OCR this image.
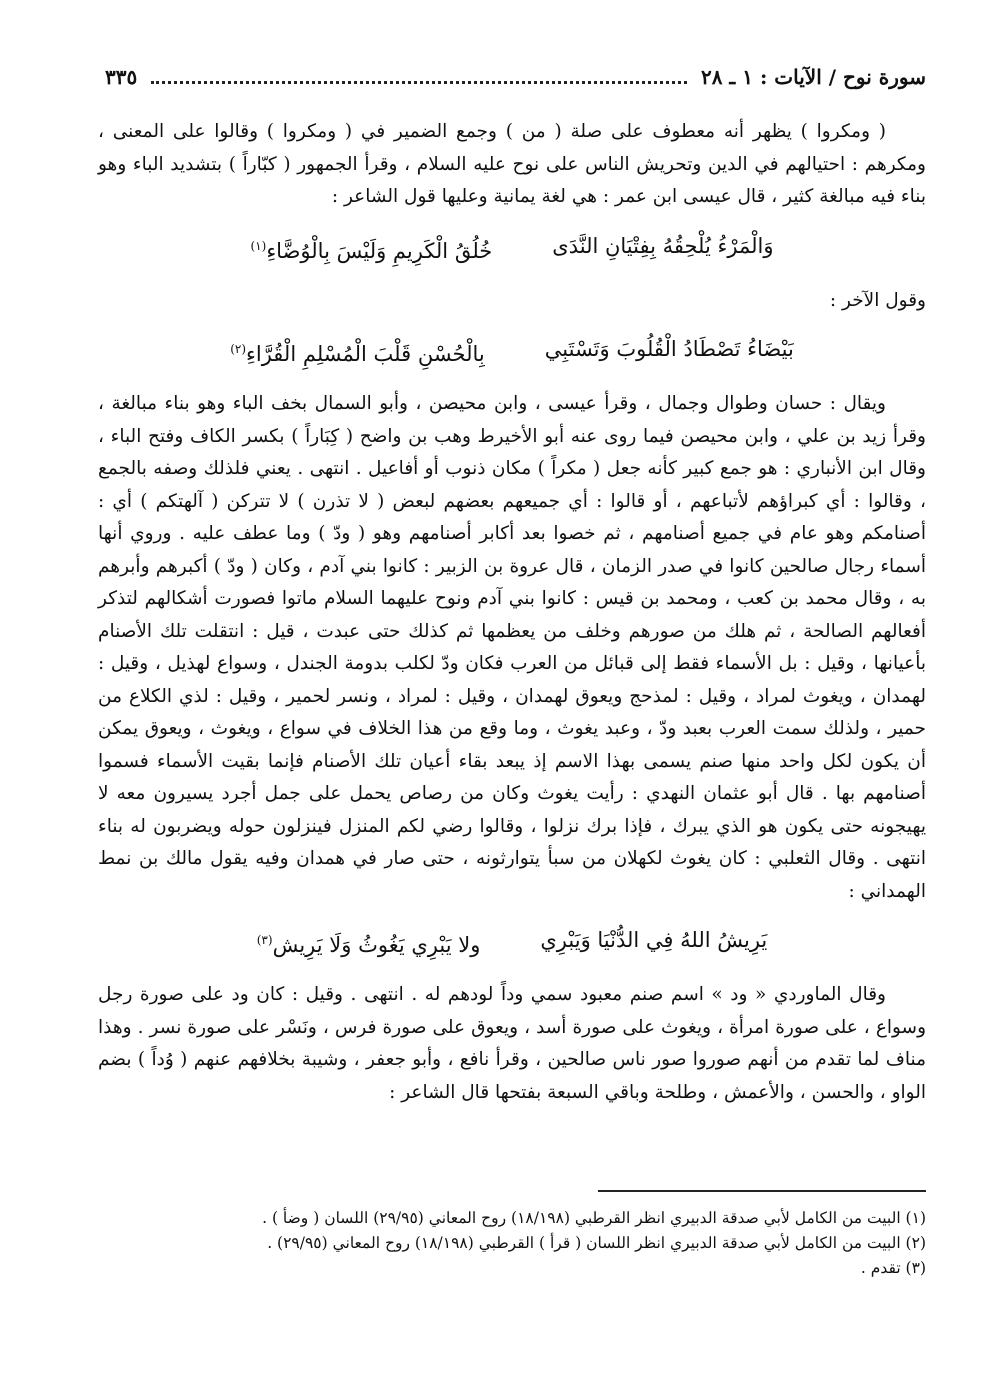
سورة نوح / الآيات : ١ ـ ٢٨
٣٣٥

( ومكروا ) يظهر أنه معطوف على صلة ( من ) وجمع الضمير في ( ومكروا ) وقالوا على المعنى ، ومكرهم : احتيالهم في الدين وتحريش الناس على نوح عليه السلام ، وقرأ الجمهور ( كبّاراً ) بتشديد الباء وهو بناء فيه مبالغة كثير ، قال عيسى ابن عمر : هي لغة يمانية وعليها قول الشاعر :

وَالْمَرْءُ يُلْحِقُهُ بِفِتْيَانِ النَّدَى
خُلُقُ الْكَرِيمِ وَلَيْسَ بِالْوُضَّاءِ$^{(١)}$

وقول الآخر :

بَيْضَاءُ تَصْطَادُ الْقُلُوبَ وَتَسْتَبِي
بِالْحُسْنِ قَلْبَ الْمُسْلِمِ الْقُرَّاءِ$^{(٢)}$

ويقال : حسان وطوال وجمال ، وقرأ عيسى ، وابن محيصن ، وأبو السمال بخف الباء وهو بناء مبالغة ، وقرأ زيد بن علي ، وابن محيصن فيما روى عنه أبو الأخيرط وهب بن واضح ( كِبَاراً ) بكسر الكاف وفتح الباء ، وقال ابن الأنباري : هو جمع كبير كأنه جعل ( مكراً ) مكان ذنوب أو أفاعيل . انتهى . يعني فلذلك وصفه بالجمع ، وقالوا : أي كبراؤهم لأتباعهم ، أو قالوا : أي جميعهم بعضهم لبعض ( لا تذرن ) لا تتركن ( آلهتكم ) أي : أصنامكم وهو عام في جميع أصنامهم ، ثم خصوا بعد أكابر أصنامهم وهو ( ودّ ) وما عطف عليه . وروي أنها أسماء رجال صالحين كانوا في صدر الزمان ، قال عروة بن الزبير : كانوا بني آدم ، وكان ( ودّ ) أكبرهم وأبرهم به ، وقال محمد بن كعب ، ومحمد بن قيس : كانوا بني آدم ونوح عليهما السلام ماتوا فصورت أشكالهم لتذكر أفعالهم الصالحة ، ثم هلك من صورهم وخلف من يعظمها ثم كذلك حتى عبدت ، قيل : انتقلت تلك الأصنام بأعيانها ، وقيل : بل الأسماء فقط إلى قبائل من العرب فكان ودّ لكلب بدومة الجندل ، وسواع لهذيل ، وقيل : لهمدان ، ويغوث لمراد ، وقيل : لمذحج ويعوق لهمدان ، وقيل : لمراد ، ونسر لحمير ، وقيل : لذي الكلاع من حمير ، ولذلك سمت العرب بعبد ودّ ، وعبد يغوث ، وما وقع من هذا الخلاف في سواع ، ويغوث ، ويعوق يمكن أن يكون لكل واحد منها صنم يسمى بهذا الاسم إذ يبعد بقاء أعيان تلك الأصنام فإنما بقيت الأسماء فسموا أصنامهم بها . قال أبو عثمان النهدي : رأيت يغوث وكان من رصاص يحمل على جمل أجرد يسيرون معه لا يهيجونه حتى يكون هو الذي يبرك ، فإذا برك نزلوا ، وقالوا رضي لكم المنزل فينزلون حوله ويضربون له بناء انتهى . وقال الثعلبي : كان يغوث لكهلان من سبأ يتوارثونه ، حتى صار في همدان وفيه يقول مالك بن نمط الهمداني :

يَرِيشُ اللهُ فِي الدُّنْيَا وَيَبْرِي
ولا يَبْرِي يَغُوثُ وَلَا يَرِيش$^{(٣)}$

وقال الماوردي « ود » اسم صنم معبود سمي وداً لودهم له . انتهى . وقيل : كان ود على صورة رجل وسواع ، على صورة امرأة ، ويغوث على صورة أسد ، ويعوق على صورة فرس ، ونَسْر على صورة نسر . وهذا مناف لما تقدم من أنهم صوروا صور ناس صالحين ، وقرأ نافع ، وأبو جعفر ، وشيبة بخلافهم عنهم ( وُداً ) بضم الواو ، والحسن ، والأعمش ، وطلحة وباقي السبعة بفتحها قال الشاعر :

(١) البيت من الكامل لأبي صدقة الدبيري انظر القرطبي (١٨/١٩٨) روح المعاني (٢٩/٩٥) اللسان ( وضأ ) .
(٢) البيت من الكامل لأبي صدقة الدبيري انظر اللسان ( قرأ ) القرطبي (١٨/١٩٨) روح المعاني (٢٩/٩٥) .
(٣) تقدم .
